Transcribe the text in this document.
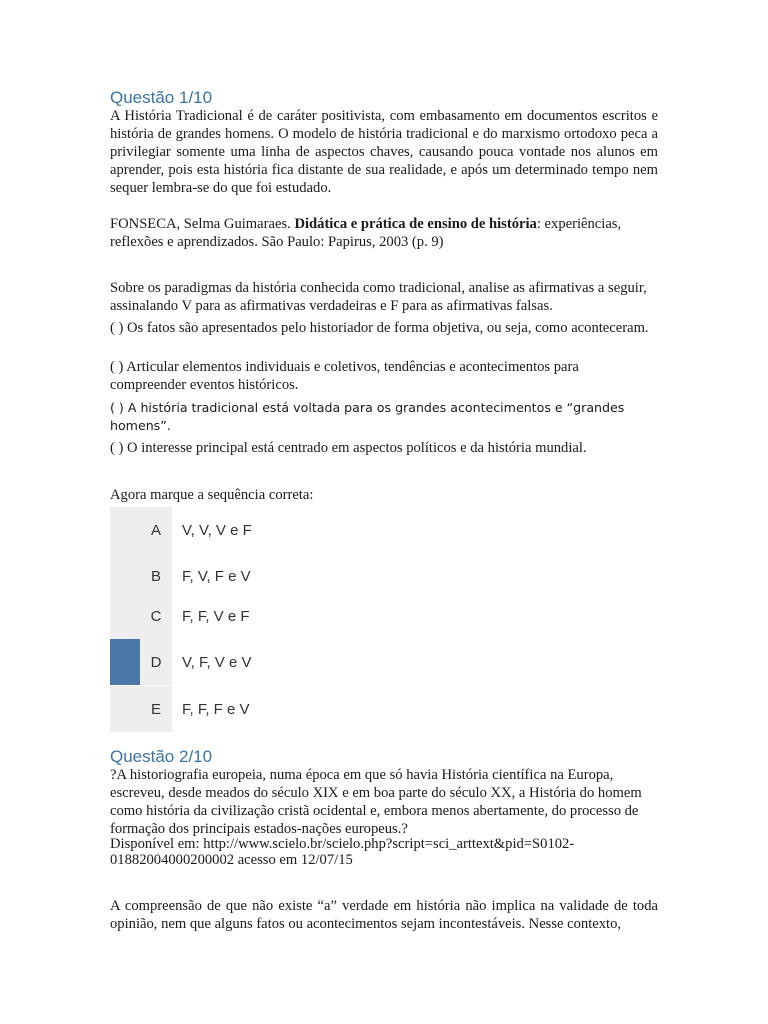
Questão 1/10

A História Tradicional é de caráter positivista, com embasamento em documentos escritos e história de grandes homens. O modelo de história tradicional e do marxismo ortodoxo peca a privilegiar somente uma linha de aspectos chaves, causando pouca vontade nos alunos em aprender, pois esta história fica distante de sua realidade, e após um determinado tempo nem sequer lembra-se do que foi estudado.

FONSECA, Selma Guimaraes. Didática e prática de ensino de história: experiências, reflexões e aprendizados. São Paulo: Papirus, 2003 (p. 9)

Sobre os paradigmas da história conhecida como tradicional, analise as afirmativas a seguir, assinalando V para as afirmativas verdadeiras e F para as afirmativas falsas.

( ) Os fatos são apresentados pelo historiador de forma objetiva, ou seja, como aconteceram.

( ) Articular elementos individuais e coletivos, tendências e acontecimentos para compreender eventos históricos.

( ) A história tradicional está voltada para os grandes acontecimentos e “grandes homens”.

( ) O interesse principal está centrado em aspectos políticos e da história mundial.

Agora marque a sequência correta:

A	V, V, V e F
B	F, V, F e V
C	F, F, V e F
D	V, F, V e V
E	F, F, F e V
Questão 2/10

?A historiografia europeia, numa época em que só havia História científica na Europa, escreveu, desde meados do século XIX e em boa parte do século XX, a História do homem como história da civilização cristã ocidental e, embora menos abertamente, do processo de formação dos principais estados-nações europeus.?

Disponível em: http://www.scielo.br/scielo.php?script=sci_arttext&pid=S0102-

01882004000200002 acesso em 12/07/15

A compreensão de que não existe “a” verdade em história não implica na validade de toda opinião, nem que alguns fatos ou acontecimentos sejam incontestáveis. Nesse contexto,
